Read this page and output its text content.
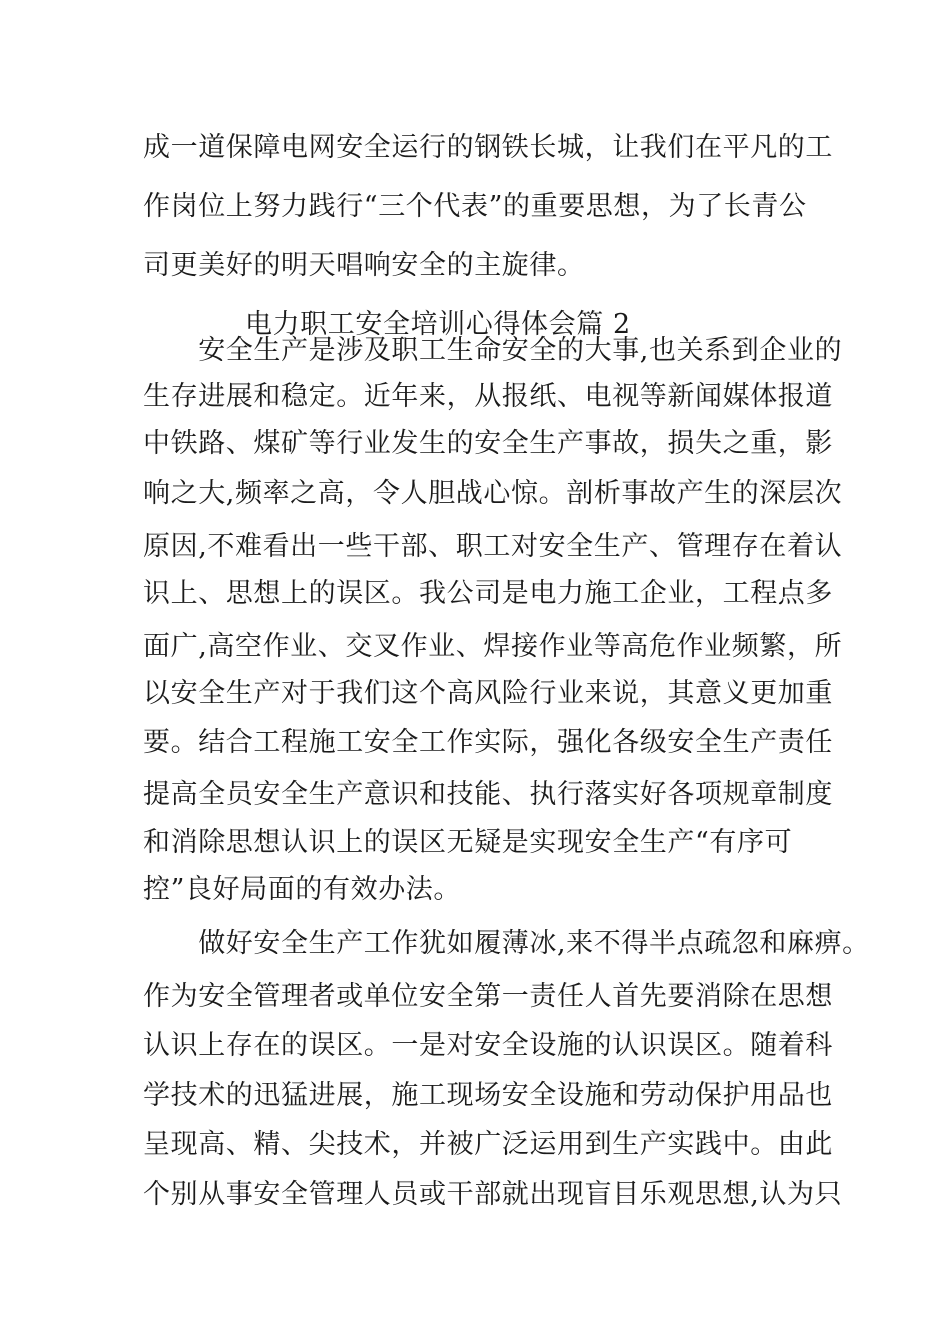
成一道保障电网安全运行的钢铁长城，让我们在平凡的工
作岗位上努力践行“三个代表”的重要思想，为了长青公
司更美好的明天唱响安全的主旋律。
电力职工安全培训心得体会篇 2
　　安全生产是涉及职工生命安全的大事,也关系到企业的
生存进展和稳定。近年来，从报纸、电视等新闻媒体报道
中铁路、煤矿等行业发生的安全生产事故，损失之重，影
响之大,频率之高，令人胆战心惊。剖析事故产生的深层次
原因,不难看出一些干部、职工对安全生产、管理存在着认
识上、思想上的误区。我公司是电力施工企业，工程点多
面广,高空作业、交叉作业、焊接作业等高危作业频繁，所
以安全生产对于我们这个高风险行业来说，其意义更加重
要。结合工程施工安全工作实际，强化各级安全生产责任
提高全员安全生产意识和技能、执行落实好各项规章制度
和消除思想认识上的误区无疑是实现安全生产“有序可
控”良好局面的有效办法。
　　做好安全生产工作犹如履薄冰,来不得半点疏忽和麻痹。
作为安全管理者或单位安全第一责任人首先要消除在思想
认识上存在的误区。一是对安全设施的认识误区。随着科
学技术的迅猛进展，施工现场安全设施和劳动保护用品也
呈现高、精、尖技术，并被广泛运用到生产实践中。由此
个别从事安全管理人员或干部就出现盲目乐观思想,认为只
